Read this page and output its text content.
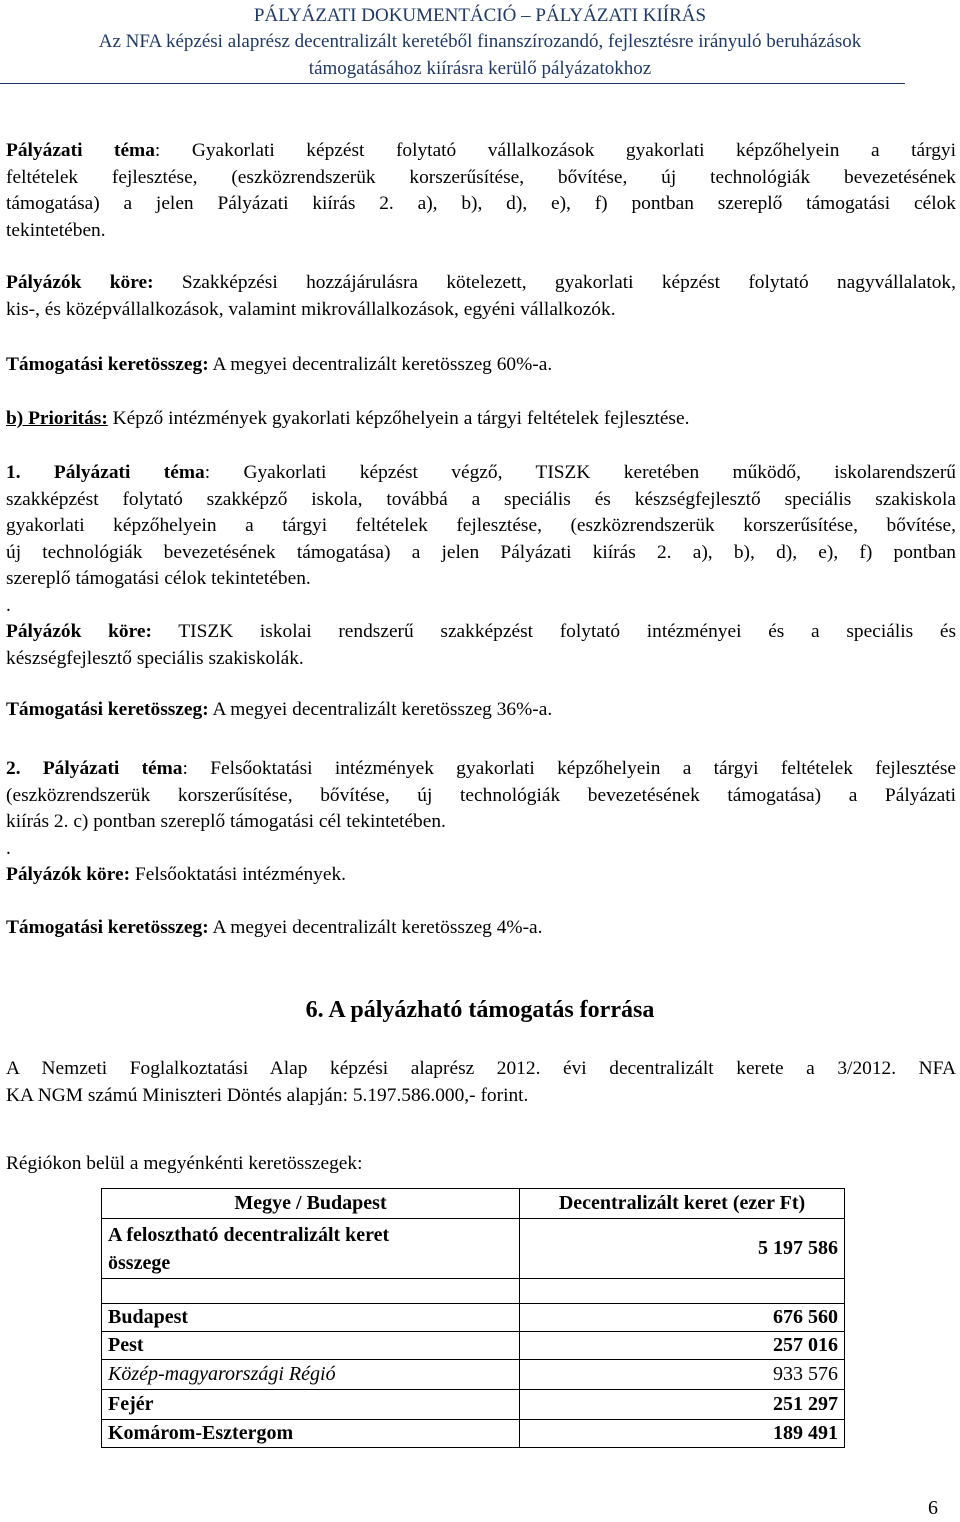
PÁLYÁZATI DOKUMENTÁCIÓ – PÁLYÁZATI KIÍRÁS
Az NFA képzési alaprész decentralizált keretéből finanszírozandó, fejlesztésre irányuló beruházások
támogatásához kiírásra kerülő pályázatokhoz
Pályázati téma: Gyakorlati képzést folytató vállalkozások gyakorlati képzőhelyein a tárgyi
feltételek fejlesztése, (eszközrendszerük korszerűsítése, bővítése, új technológiák bevezetésének
támogatása) a jelen Pályázati kiírás 2. a), b), d), e), f) pontban szereplő támogatási célok
tekintetében.
Pályázók köre: Szakképzési hozzájárulásra kötelezett, gyakorlati képzést folytató nagyvállalatok,
kis-, és középvállalkozások, valamint mikrovállalkozások, egyéni vállalkozók.
Támogatási keretösszeg: A megyei decentralizált keretösszeg 60%-a.
b) Prioritás: Képző intézmények gyakorlati képzőhelyein a tárgyi feltételek fejlesztése.
1. Pályázati téma: Gyakorlati képzést végző, TISZK keretében működő, iskolarendszerű
szakképzést folytató szakképző iskola, továbbá a speciális és készségfejlesztő speciális szakiskola
gyakorlati képzőhelyein a tárgyi feltételek fejlesztése, (eszközrendszerük korszerűsítése, bővítése,
új technológiák bevezetésének támogatása) a jelen Pályázati kiírás 2. a), b), d), e), f) pontban
szereplő támogatási célok tekintetében.
.
Pályázók köre: TISZK iskolai rendszerű szakképzést folytató intézményei és a speciális és
készségfejlesztő speciális szakiskolák.
Támogatási keretösszeg: A megyei decentralizált keretösszeg 36%-a.
2. Pályázati téma: Felsőoktatási intézmények gyakorlati képzőhelyein a tárgyi feltételek fejlesztése
(eszközrendszerük korszerűsítése, bővítése, új technológiák bevezetésének támogatása) a Pályázati
kiírás 2. c) pontban szereplő támogatási cél tekintetében.
.
Pályázók köre: Felsőoktatási intézmények.
Támogatási keretösszeg: A megyei decentralizált keretösszeg 4%-a.
6. A pályázható támogatás forrása
A Nemzeti Foglalkoztatási Alap képzési alaprész 2012. évi decentralizált kerete a 3/2012. NFA
KA NGM számú Miniszteri Döntés alapján: 5.197.586.000,- forint.
Régiókon belül a megyénkénti keretösszegek:
Megye / Budapest	Decentralizált keret (ezer Ft)
A felosztható decentralizált keret
összege	5 197 586

Budapest	676 560
Pest	257 016
Közép-magyarországi Régió	933 576
Fejér	251 297
Komárom-Esztergom	189 491
6
